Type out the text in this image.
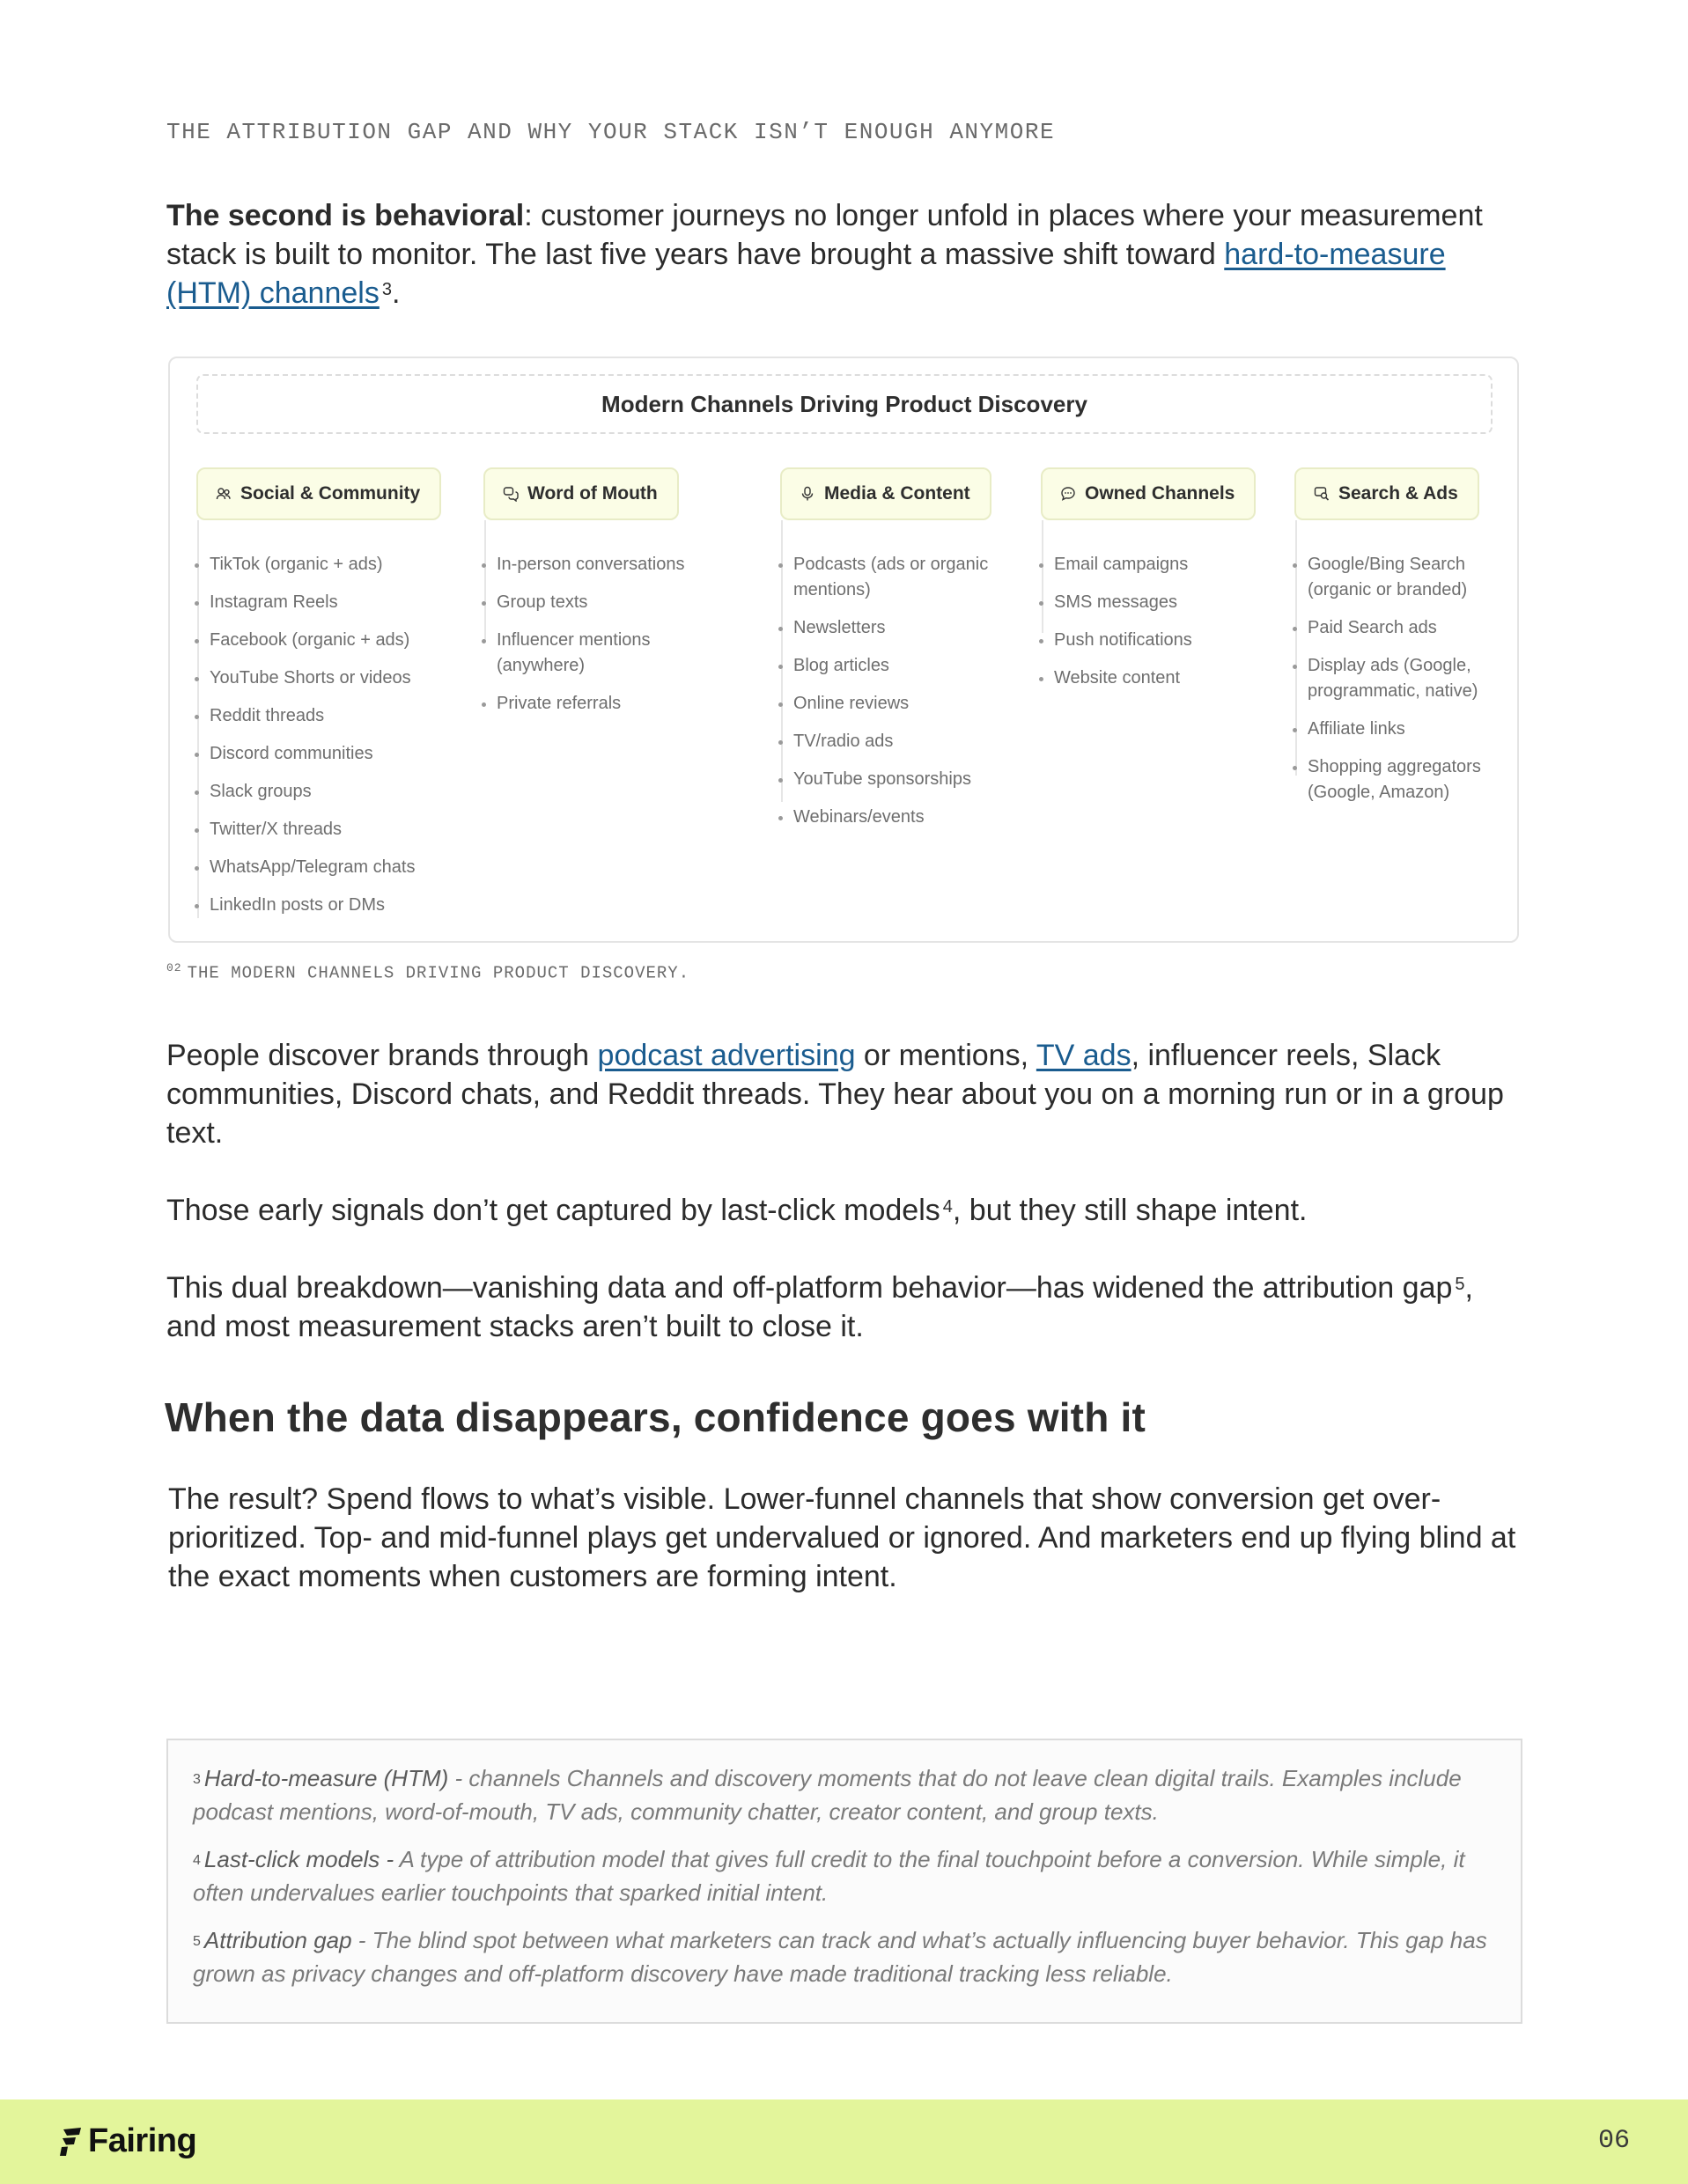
THE ATTRIBUTION GAP AND WHY YOUR STACK ISN’T ENOUGH ANYMORE

The second is behavioral: customer journeys no longer unfold in places where your measurement stack is built to monitor. The last five years have brought a massive shift toward hard-to-measure (HTM) channels $^3$.

Modern Channels Driving Product Discovery
Social & Community
TikTok (organic + ads)
Instagram Reels
Facebook (organic + ads)
YouTube Shorts or videos
Reddit threads
Discord communities
Slack groups
Twitter/X threads
WhatsApp/Telegram chats
LinkedIn posts or DMs
Word of Mouth
In-person conversations
Group texts
Influencer mentions (anywhere)
Private referrals
Media & Content
Podcasts (ads or organic mentions)
Newsletters
Blog articles
Online reviews
TV/radio ads
YouTube sponsorships
Webinars/events
Owned Channels
Email campaigns
SMS messages
Push notifications
Website content
Search & Ads
Google/Bing Search (organic or branded)
Paid Search ads
Display ads (Google, programmatic, native)
Affiliate links
Shopping aggregators (Google, Amazon)
$^{02}$ THE MODERN CHANNELS DRIVING PRODUCT DISCOVERY.

People discover brands through podcast advertising or mentions, TV ads, influencer reels, Slack communities, Discord chats, and Reddit threads. They hear about you on a morning run or in a group text.

Those early signals don’t get captured by last-click models $^4$, but they still shape intent.

This dual breakdown—vanishing data and off-platform behavior—has widened the attribution gap $^5$, and most measurement stacks aren’t built to close it.

When the data disappears, confidence goes with it

The result? Spend flows to what’s visible. Lower-funnel channels that show conversion get over-prioritized. Top- and mid-funnel plays get undervalued or ignored. And marketers end up flying blind at the exact moments when customers are forming intent.

$^3$ Hard-to-measure (HTM) - channels Channels and discovery moments that do not leave clean digital trails. Examples include podcast mentions, word-of-mouth, TV ads, community chatter, creator content, and group texts.

$^4$ Last-click models - A type of attribution model that gives full credit to the final touchpoint before a conversion. While simple, it often undervalues earlier touchpoints that sparked initial intent.

$^5$ Attribution gap - The blind spot between what marketers can track and what’s actually influencing buyer behavior. This gap has grown as privacy changes and off-platform discovery have made traditional tracking less reliable.

Fairing	06
